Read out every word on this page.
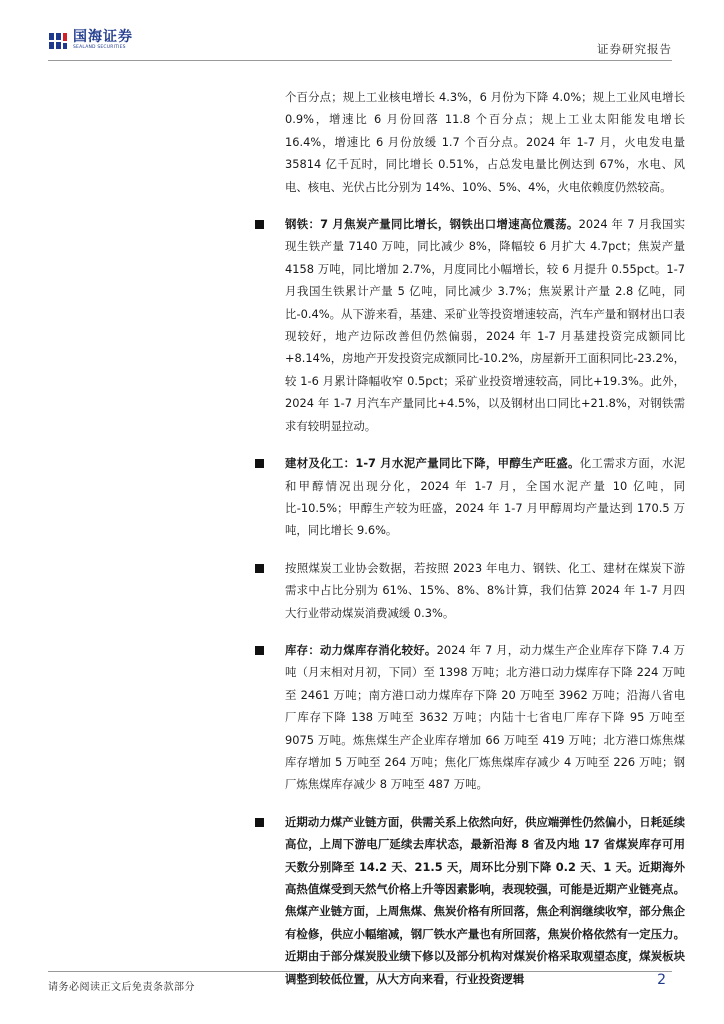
国海证券
SEALAND SECURITIES	证券研究报告
个百分点；规上工业核电增长 4.3%，6 月份为下降 4.0%；规上工业风电增长 0.9%，增速比 6 月份回落 11.8 个百分点；规上工业太阳能发电增长 16.4%，增速比 6 月份放缓 1.7 个百分点。2024 年 1-7 月，火电发电量 35814 亿千瓦时，同比增长 0.51%，占总发电量比例达到 67%，水电、风电、核电、光伏占比分别为 14%、10%、5%、4%，火电依赖度仍然较高。
钢铁：7 月焦炭产量同比增长，钢铁出口增速高位震荡。2024 年 7 月我国实现生铁产量 7140 万吨，同比减少 8%，降幅较 6 月扩大 4.7pct；焦炭产量 4158 万吨，同比增加 2.7%，月度同比小幅增长，较 6 月提升 0.55pct。1-7 月我国生铁累计产量 5 亿吨，同比减少 3.7%；焦炭累计产量 2.8 亿吨，同比-0.4%。从下游来看，基建、采矿业等投资增速较高，汽车产量和钢材出口表现较好，地产边际改善但仍然偏弱，2024 年 1-7 月基建投资完成额同比+8.14%，房地产开发投资完成额同比-10.2%，房屋新开工面积同比-23.2%，较 1-6 月累计降幅收窄 0.5pct；采矿业投资增速较高，同比+19.3%。此外，2024 年 1-7 月汽车产量同比+4.5%，以及钢材出口同比+21.8%，对钢铁需求有较明显拉动。
建材及化工：1-7 月水泥产量同比下降，甲醇生产旺盛。化工需求方面，水泥和甲醇情况出现分化，2024 年 1-7 月，全国水泥产量 10 亿吨，同比-10.5%；甲醇生产较为旺盛，2024 年 1-7 月甲醇周均产量达到 170.5 万吨，同比增长 9.6%。
按照煤炭工业协会数据，若按照 2023 年电力、钢铁、化工、建材在煤炭下游需求中占比分别为 61%、15%、8%、8%计算，我们估算 2024 年 1-7 月四大行业带动煤炭消费减缓 0.3%。
库存：动力煤库存消化较好。2024 年 7 月，动力煤生产企业库存下降 7.4 万吨（月末相对月初，下同）至 1398 万吨；北方港口动力煤库存下降 224 万吨至 2461 万吨；南方港口动力煤库存下降 20 万吨至 3962 万吨；沿海八省电厂库存下降 138 万吨至 3632 万吨；内陆十七省电厂库存下降 95 万吨至 9075 万吨。炼焦煤生产企业库存增加 66 万吨至 419 万吨；北方港口炼焦煤库存增加 5 万吨至 264 万吨；焦化厂炼焦煤库存减少 4 万吨至 226 万吨；钢厂炼焦煤库存减少 8 万吨至 487 万吨。
近期动力煤产业链方面，供需关系上依然向好，供应端弹性仍然偏小，日耗延续高位，上周下游电厂延续去库状态，最新沿海 8 省及内地 17 省煤炭库存可用天数分别降至 14.2 天、21.5 天，周环比分别下降 0.2 天、1 天。近期海外高热值煤受到天然气价格上升等因素影响，表现较强，可能是近期产业链亮点。焦煤产业链方面，上周焦煤、焦炭价格有所回落，焦企利润继续收窄，部分焦企有检修，供应小幅缩减，钢厂铁水产量也有所回落，焦炭价格依然有一定压力。近期由于部分煤炭股业绩下修以及部分机构对煤炭价格采取观望态度，煤炭板块调整到较低位置，从大方向来看，行业投资逻辑
请务必阅读正文后免责条款部分	2
